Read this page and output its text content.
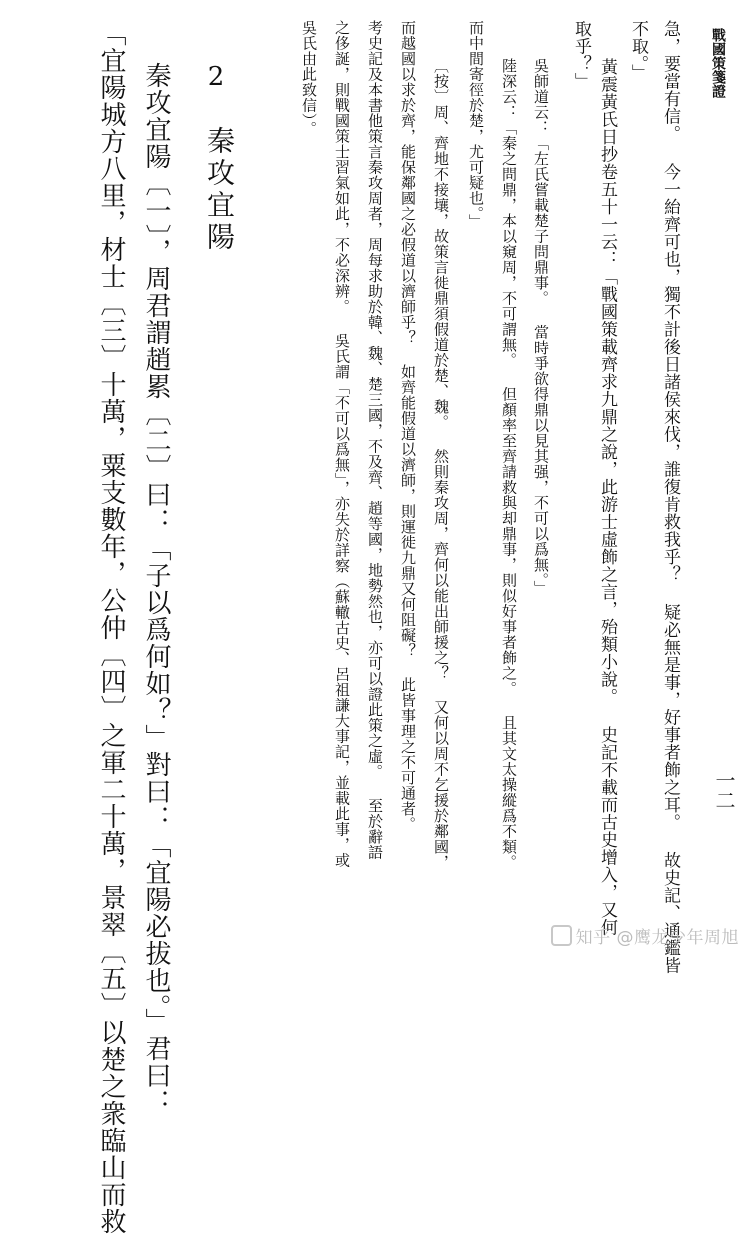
戰國策箋證
一二
急，要當有信。 今一紿齊可也，獨不計後日諸侯來伐，誰復肯救我乎？ 疑必無是事，好事者飾之耳。 故史記、通鑑皆
不取。」
取乎？」
黃震黃氏日抄卷五十一云：「戰國策載齊求九鼎之說，此游士虛飾之言，殆類小說。 史記不載而古史增入，又何
吳師道云：「左氏嘗載楚子問鼎事。 當時爭欲得鼎以見其强，不可以爲無。」
陸深云：「秦之問鼎，本以窺周，不可謂無。 但顏率至齊請救與却鼎事，則似好事者飾之。 且其文太操縱爲不類。
而中間寄徑於楚，尤可疑也。」
〔按〕周、齊地不接壤，故策言徙鼎須假道於楚、魏。 然則秦攻周，齊何以能出師援之？ 又何以周不乞援於鄰國，
而越國以求於齊，能保鄰國之必假道以濟師乎？ 如齊能假道以濟師，則運徙九鼎又何阻礙？ 此皆事理之不可通者。
考史記及本書他策言秦攻周者，周每求助於韓、魏、楚三國，不及齊、趙等國，地勢然也，亦可以證此策之虛。 至於辭語
之侈誕，則戰國策士習氣如此，不必深辨。 吳氏謂「不可以爲無」，亦失於詳察（蘇轍古史、呂祖謙大事記，並載此事，或
吳氏由此致信）。
2
秦攻宜陽
秦攻宜陽〔一〕，周君謂趙累〔二〕曰：「子以爲何如？」對曰：「宜陽必拔也。」君曰：
「宜陽城方八里，材士〔三〕十萬，粟支數年，公仲〔四〕之軍二十萬，景翠〔五〕以楚之衆臨山而救	知乎 @鹰龙少年周旭
